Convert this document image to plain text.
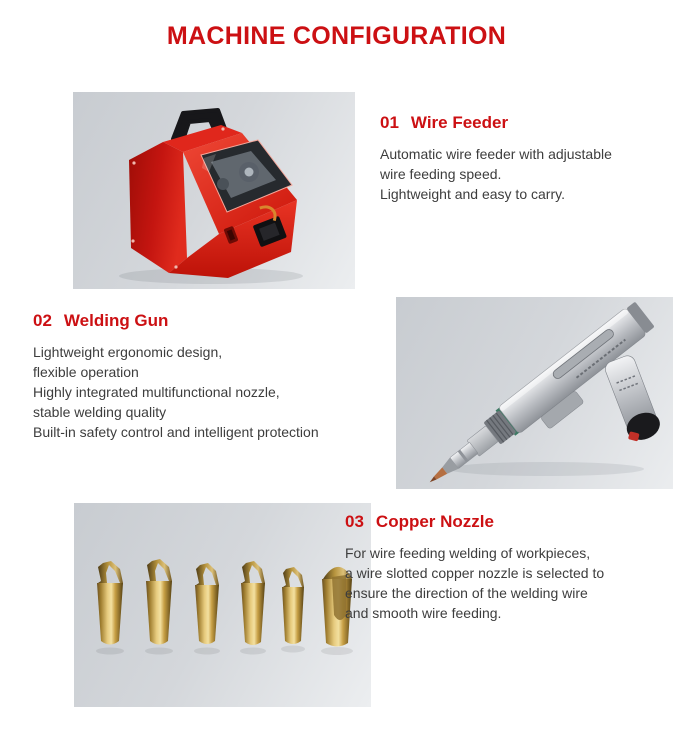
MACHINE CONFIGURATION
01 Wire Feeder

Automatic wire feeder with adjustable

wire feeding speed.

Lightweight and easy to carry.

02 Welding Gun

Lightweight ergonomic design,

flexible operation

Highly integrated multifunctional nozzle,

stable welding quality

Built-in safety control and intelligent protection

03 Copper Nozzle

For wire feeding welding of workpieces,

a wire slotted copper nozzle is selected to

ensure the direction of the welding wire

and smooth wire feeding.
